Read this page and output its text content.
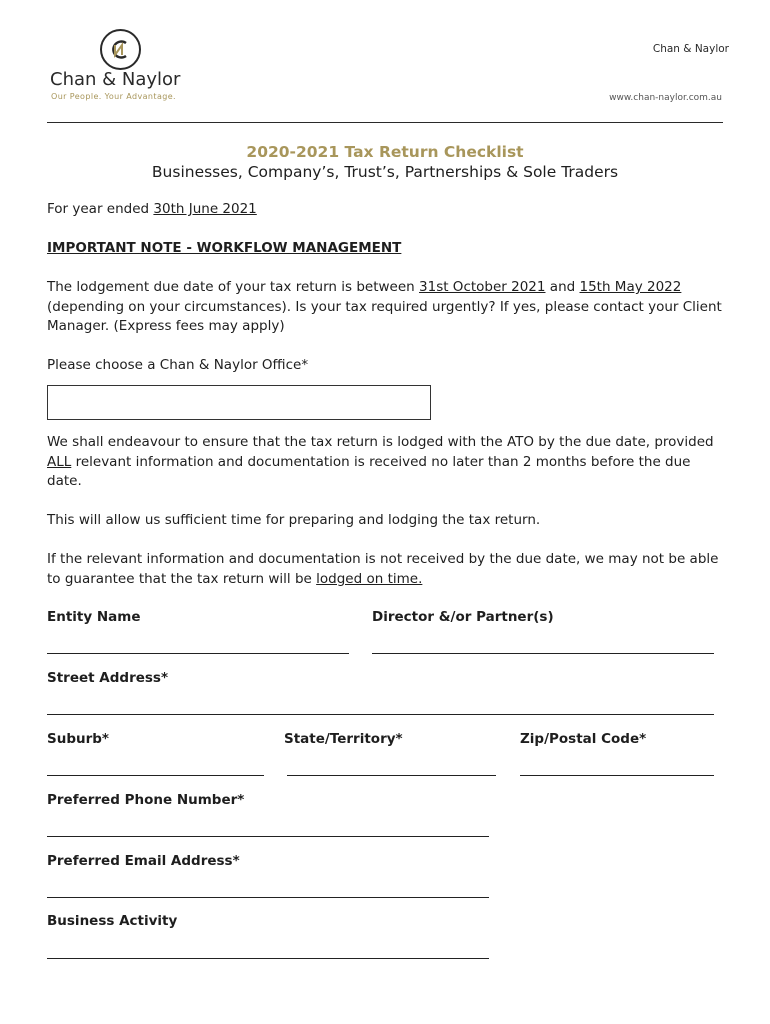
Chan & Naylor
Our People. Your Advantage.
Chan & Naylor
www.chan-naylor.com.au
2020-2021 Tax Return Checklist
Businesses, Company’s, Trust’s, Partnerships & Sole Traders
For year ended 30th June 2021
IMPORTANT NOTE - WORKFLOW MANAGEMENT
The lodgement due date of your tax return is between 31st October 2021 and 15th May 2022 (depending on your circumstances). Is your tax required urgently? If yes, please contact your Client Manager. (Express fees may apply)
Please choose a Chan & Naylor Office*
We shall endeavour to ensure that the tax return is lodged with the ATO by the due date, provided ALL relevant information and documentation is received no later than 2 months before the due date.
This will allow us sufficient time for preparing and lodging the tax return.
If the relevant information and documentation is not received by the due date, we may not be able to guarantee that the tax return will be lodged on time.
Entity Name	Director &/or Partner(s)
Street Address*
Suburb*	State/Territory*	Zip/Postal Code*
Preferred Phone Number*
Preferred Email Address*
Business Activity
